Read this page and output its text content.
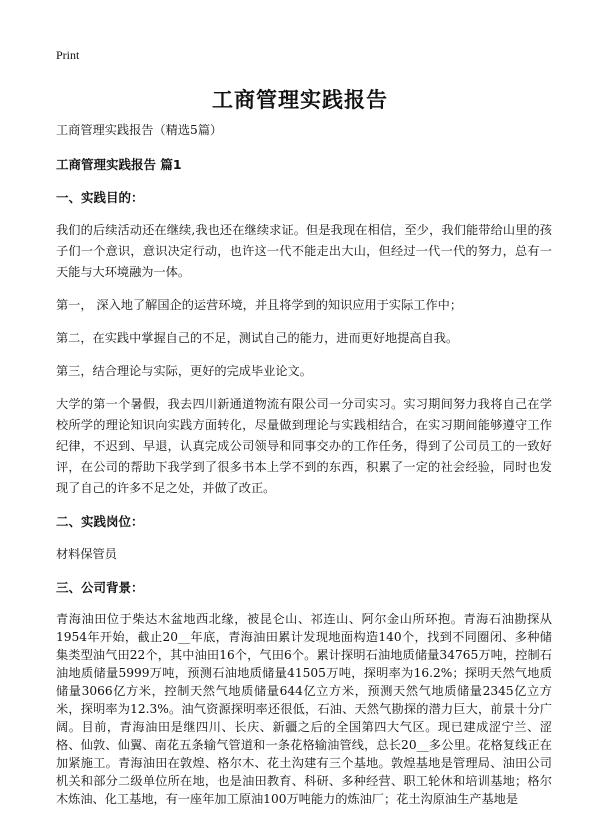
Print
工商管理实践报告

工商管理实践报告（精选5篇）

工商管理实践报告 篇1

一、实践目的：

我们的后续活动还在继续,我也还在继续求证。但是我现在相信，至少，我们能带给山里的孩子们一个意识，意识决定行动，也许这一代不能走出大山，但经过一代一代的努力，总有一天能与大环境融为一体。

第一， 深入地了解国企的运营环境，并且将学到的知识应用于实际工作中；

第二，在实践中掌握自己的不足，测试自己的能力，进而更好地提高自我。

第三，结合理论与实际，更好的完成毕业论文。

大学的第一个暑假，我去四川新通道物流有限公司一分司实习。实习期间努力我将自己在学校所学的理论知识向实践方面转化，尽量做到理论与实践相结合，在实习期间能够遵守工作纪律，不迟到、早退，认真完成公司领导和同事交办的工作任务，得到了公司员工的一致好评，在公司的帮助下我学到了很多书本上学不到的东西，积累了一定的社会经验，同时也发现了自己的许多不足之处，并做了改正。

二、实践岗位：

材料保管员

三、公司背景：

青海油田位于柴达木盆地西北缘，被昆仑山、祁连山、阿尔金山所环抱。青海石油勘探从1954年开始，截止20__年底，青海油田累计发现地面构造140个，找到不同圈闭、多种储集类型油气田22个，其中油田16个，气田6个。累计探明石油地质储量34765万吨，控制石油地质储量5999万吨，预测石油地质储量41505万吨，探明率为16.2%；探明天然气地质储量3066亿方米，控制天然气地质储量644亿立方米，预测天然气地质储量2345亿立方米，探明率为12.3%。油气资源探明率还很低，石油、天然气勘探的潜力巨大，前景十分广阔。目前，青海油田是继四川、长庆、新疆之后的全国第四大气区。现已建成涩宁兰、涩格、仙敦、仙翼、南花五条输气管道和一条花格输油管线，总长20__多公里。花格复线正在加紧施工。青海油田在敦煌、格尔木、花土沟建有三个基地。敦煌基地是管理局、油田公司机关和部分二级单位所在地，也是油田教育、科研、多种经营、职工轮休和培训基地；格尔木炼油、化工基地，有一座年加工原油100万吨能力的炼油厂；花土沟原油生产基地是
